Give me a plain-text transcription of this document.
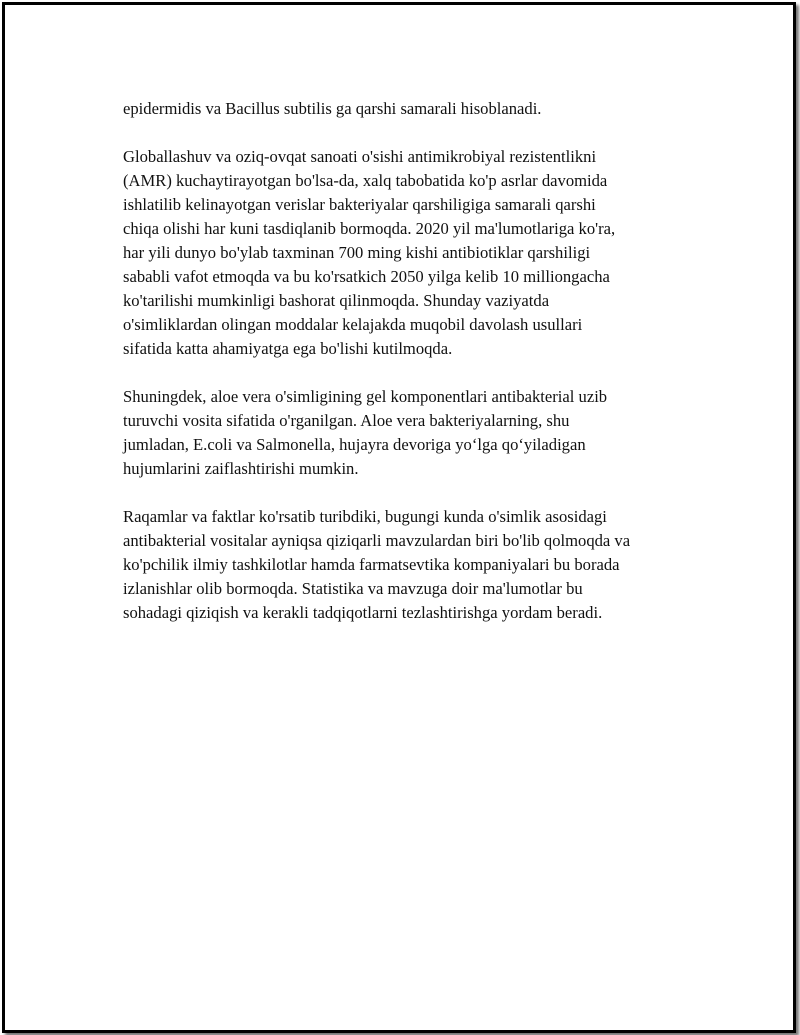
epidermidis va Bacillus subtilis ga qarshi samarali hisoblanadi.

Globallashuv va oziq-ovqat sanoati o'sishi antimikrobiyal rezistentlikni
(AMR) kuchaytirayotgan bo'lsa-da, xalq tabobatida ko'p asrlar davomida
ishlatilib kelinayotgan verislar bakteriyalar qarshiligiga samarali qarshi
chiqa olishi har kuni tasdiqlanib bormoqda. 2020 yil ma'lumotlariga ko'ra,
har yili dunyo bo'ylab taxminan 700 ming kishi antibiotiklar qarshiligi
sababli vafot etmoqda va bu ko'rsatkich 2050 yilga kelib 10 milliongacha
ko'tarilishi mumkinligi bashorat qilinmoqda. Shunday vaziyatda
o'simliklardan olingan moddalar kelajakda muqobil davolash usullari
sifatida katta ahamiyatga ega bo'lishi kutilmoqda.

Shuningdek, aloe vera o'simligining gel komponentlari antibakterial uzib
turuvchi vosita sifatida o'rganilgan. Aloe vera bakteriyalarning, shu
jumladan, E.coli va Salmonella, hujayra devoriga yo‘lga qo‘yiladigan
hujumlarini zaiflashtirishi mumkin.

Raqamlar va faktlar ko'rsatib turibdiki, bugungi kunda o'simlik asosidagi
antibakterial vositalar ayniqsa qiziqarli mavzulardan biri bo'lib qolmoqda va
ko'pchilik ilmiy tashkilotlar hamda farmatsevtika kompaniyalari bu borada
izlanishlar olib bormoqda. Statistika va mavzuga doir ma'lumotlar bu
sohadagi qiziqish va kerakli tadqiqotlarni tezlashtirishga yordam beradi.
